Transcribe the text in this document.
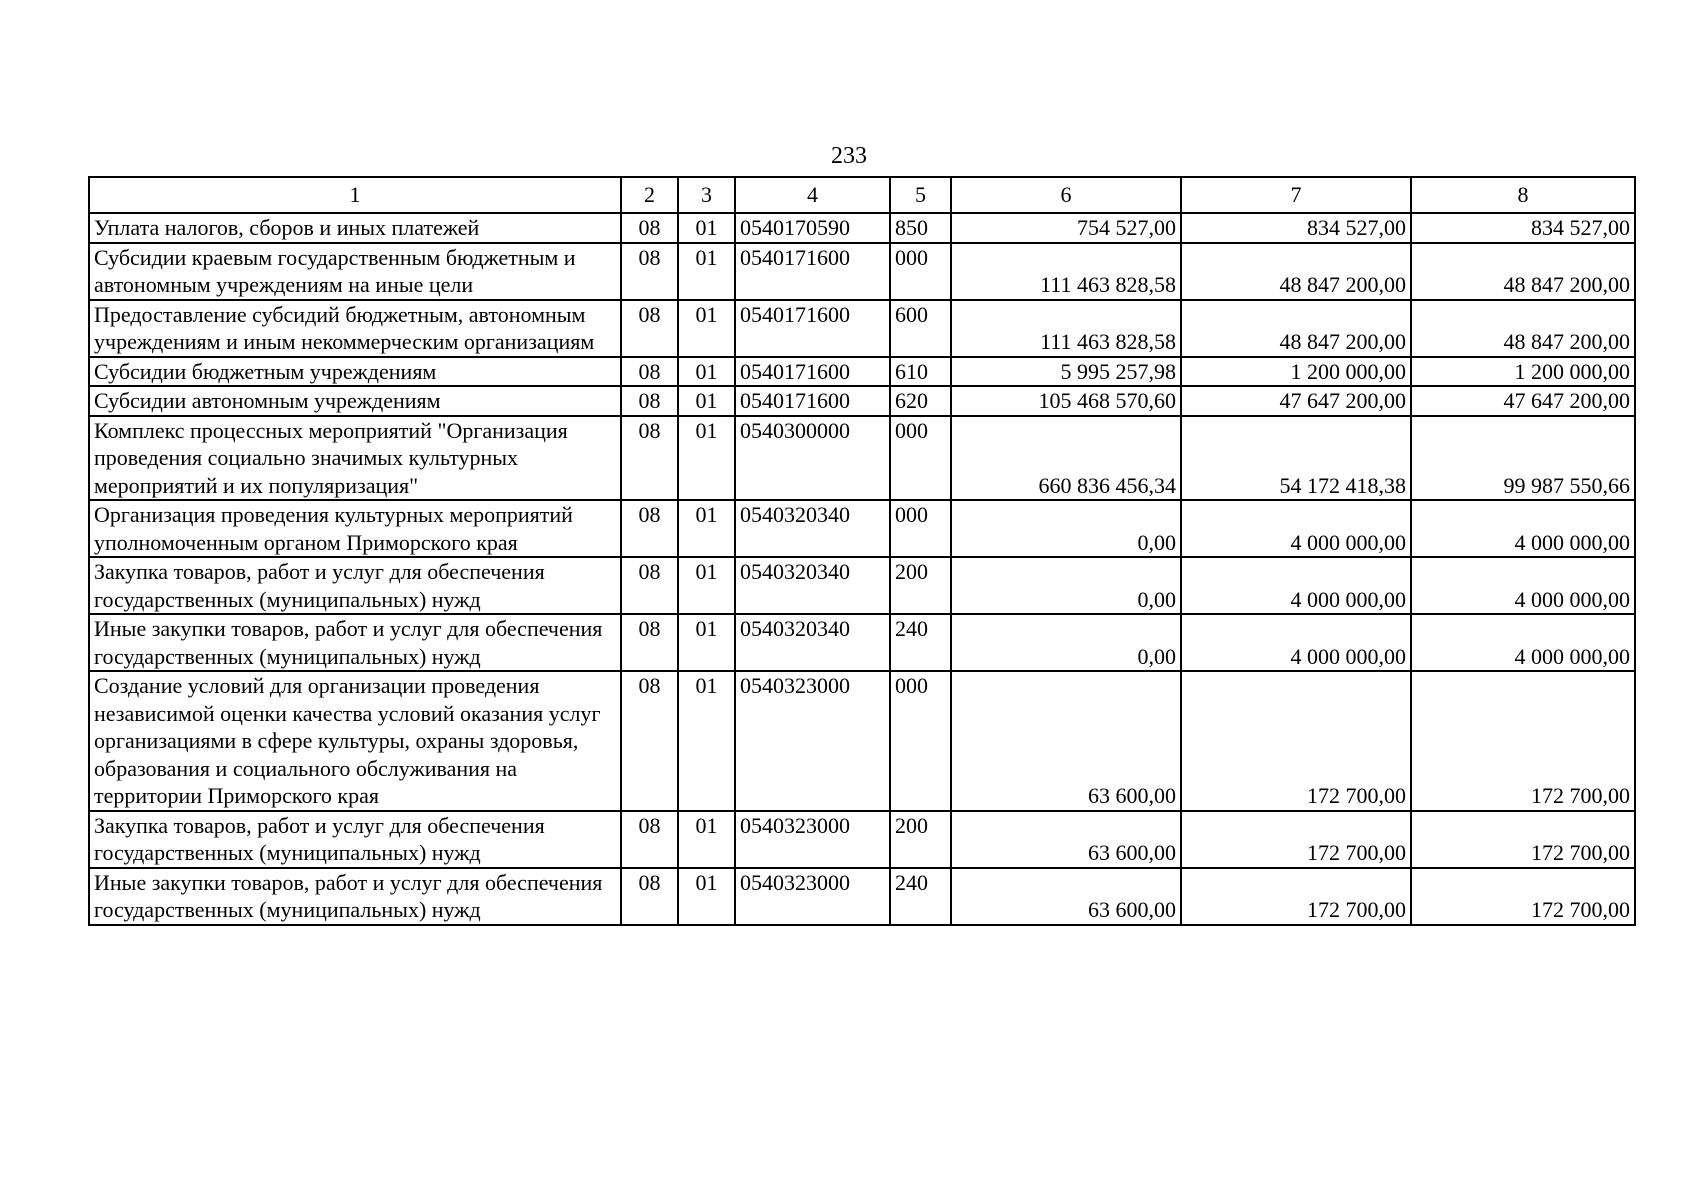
233
1	2	3	4	5	6	7	8
Уплата налогов, сборов и иных платежей	08	01	0540170590	850	754 527,00	834 527,00	834 527,00
Субсидии краевым государственным бюджетным и автономным учреждениям на иные цели	08	01	0540171600	000	111 463 828,58	48 847 200,00	48 847 200,00
Предоставление субсидий бюджетным, автономным учреждениям и иным некоммерческим организациям	08	01	0540171600	600	111 463 828,58	48 847 200,00	48 847 200,00
Субсидии бюджетным учреждениям	08	01	0540171600	610	5 995 257,98	1 200 000,00	1 200 000,00
Субсидии автономным учреждениям	08	01	0540171600	620	105 468 570,60	47 647 200,00	47 647 200,00
Комплекс процессных мероприятий "Организация проведения социально значимых культурных мероприятий и их популяризация"	08	01	0540300000	000	660 836 456,34	54 172 418,38	99 987 550,66
Организация проведения культурных мероприятий уполномоченным органом Приморского края	08	01	0540320340	000	0,00	4 000 000,00	4 000 000,00
Закупка товаров, работ и услуг для обеспечения государственных (муниципальных) нужд	08	01	0540320340	200	0,00	4 000 000,00	4 000 000,00
Иные закупки товаров, работ и услуг для обеспечения государственных (муниципальных) нужд	08	01	0540320340	240	0,00	4 000 000,00	4 000 000,00
Создание условий для организации проведения независимой оценки качества условий оказания услуг организациями в сфере культуры, охраны здоровья, образования и социального обслуживания на территории Приморского края	08	01	0540323000	000	63 600,00	172 700,00	172 700,00
Закупка товаров, работ и услуг для обеспечения государственных (муниципальных) нужд	08	01	0540323000	200	63 600,00	172 700,00	172 700,00
Иные закупки товаров, работ и услуг для обеспечения государственных (муниципальных) нужд	08	01	0540323000	240	63 600,00	172 700,00	172 700,00
